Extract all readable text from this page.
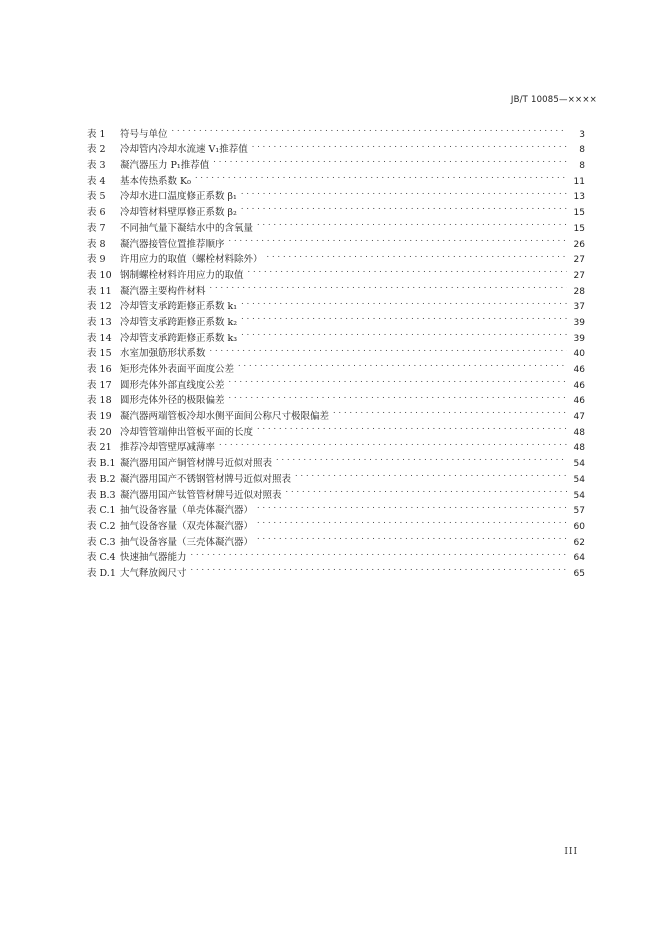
JB/T 10085—××××
表 1	符号与单位 . . .	3
表 2	冷却管内冷却水流速 V₁推荐值 . . .	8
表 3	凝汽器压力 P₁推荐值 . . .	8
表 4	基本传热系数 K₀ . . .	11
表 5	冷却水进口温度修正系数 β₁ . . .	13
表 6	冷却管材料壁厚修正系数 β₂ . . .	15
表 7	不同抽气量下凝结水中的含氧量 . . .	15
表 8	凝汽器接管位置推荐顺序 . . .	26
表 9	许用应力的取值（螺栓材料除外） . . .	27
表 10 钢制螺栓材料许用应力的取值 . . .	27
表 11 凝汽器主要构件材料 . . .	28
表 12 冷却管支承跨距修正系数 k₁ . . .	37
表 13 冷却管支承跨距修正系数 k₂ . . .	39
表 14 冷却管支承跨距修正系数 k₃ . . .	39
表 15 水室加强筋形状系数 . . .	40
表 16 矩形壳体外表面平面度公差 . . .	46
表 17 圆形壳体外部直线度公差 . . .	46
表 18 圆形壳体外径的极限偏差 . . .	46
表 19 凝汽器两端管板冷却水侧平面间公称尺寸极限偏差 . . .	47
表 20 冷却管管端伸出管板平面的长度 . . .	48
表 21 推荐冷却管壁厚减薄率 . . .	48
表 B.1 凝汽器用国产铜管材牌号近似对照表 . . .	54
表 B.2 凝汽器用国产不锈钢管材牌号近似对照表 . . .	54
表 B.3 凝汽器用国产钛管管材牌号近似对照表 . . .	54
表 C.1 抽气设备容量（单壳体凝汽器） . . .	57
表 C.2 抽气设备容量（双壳体凝汽器） . . .	60
表 C.3 抽气设备容量（三壳体凝汽器） . . .	62
表 C.4 快速抽气器能力 . . .	64
表 D.1 大气释放阀尺寸 . . .	65
III
